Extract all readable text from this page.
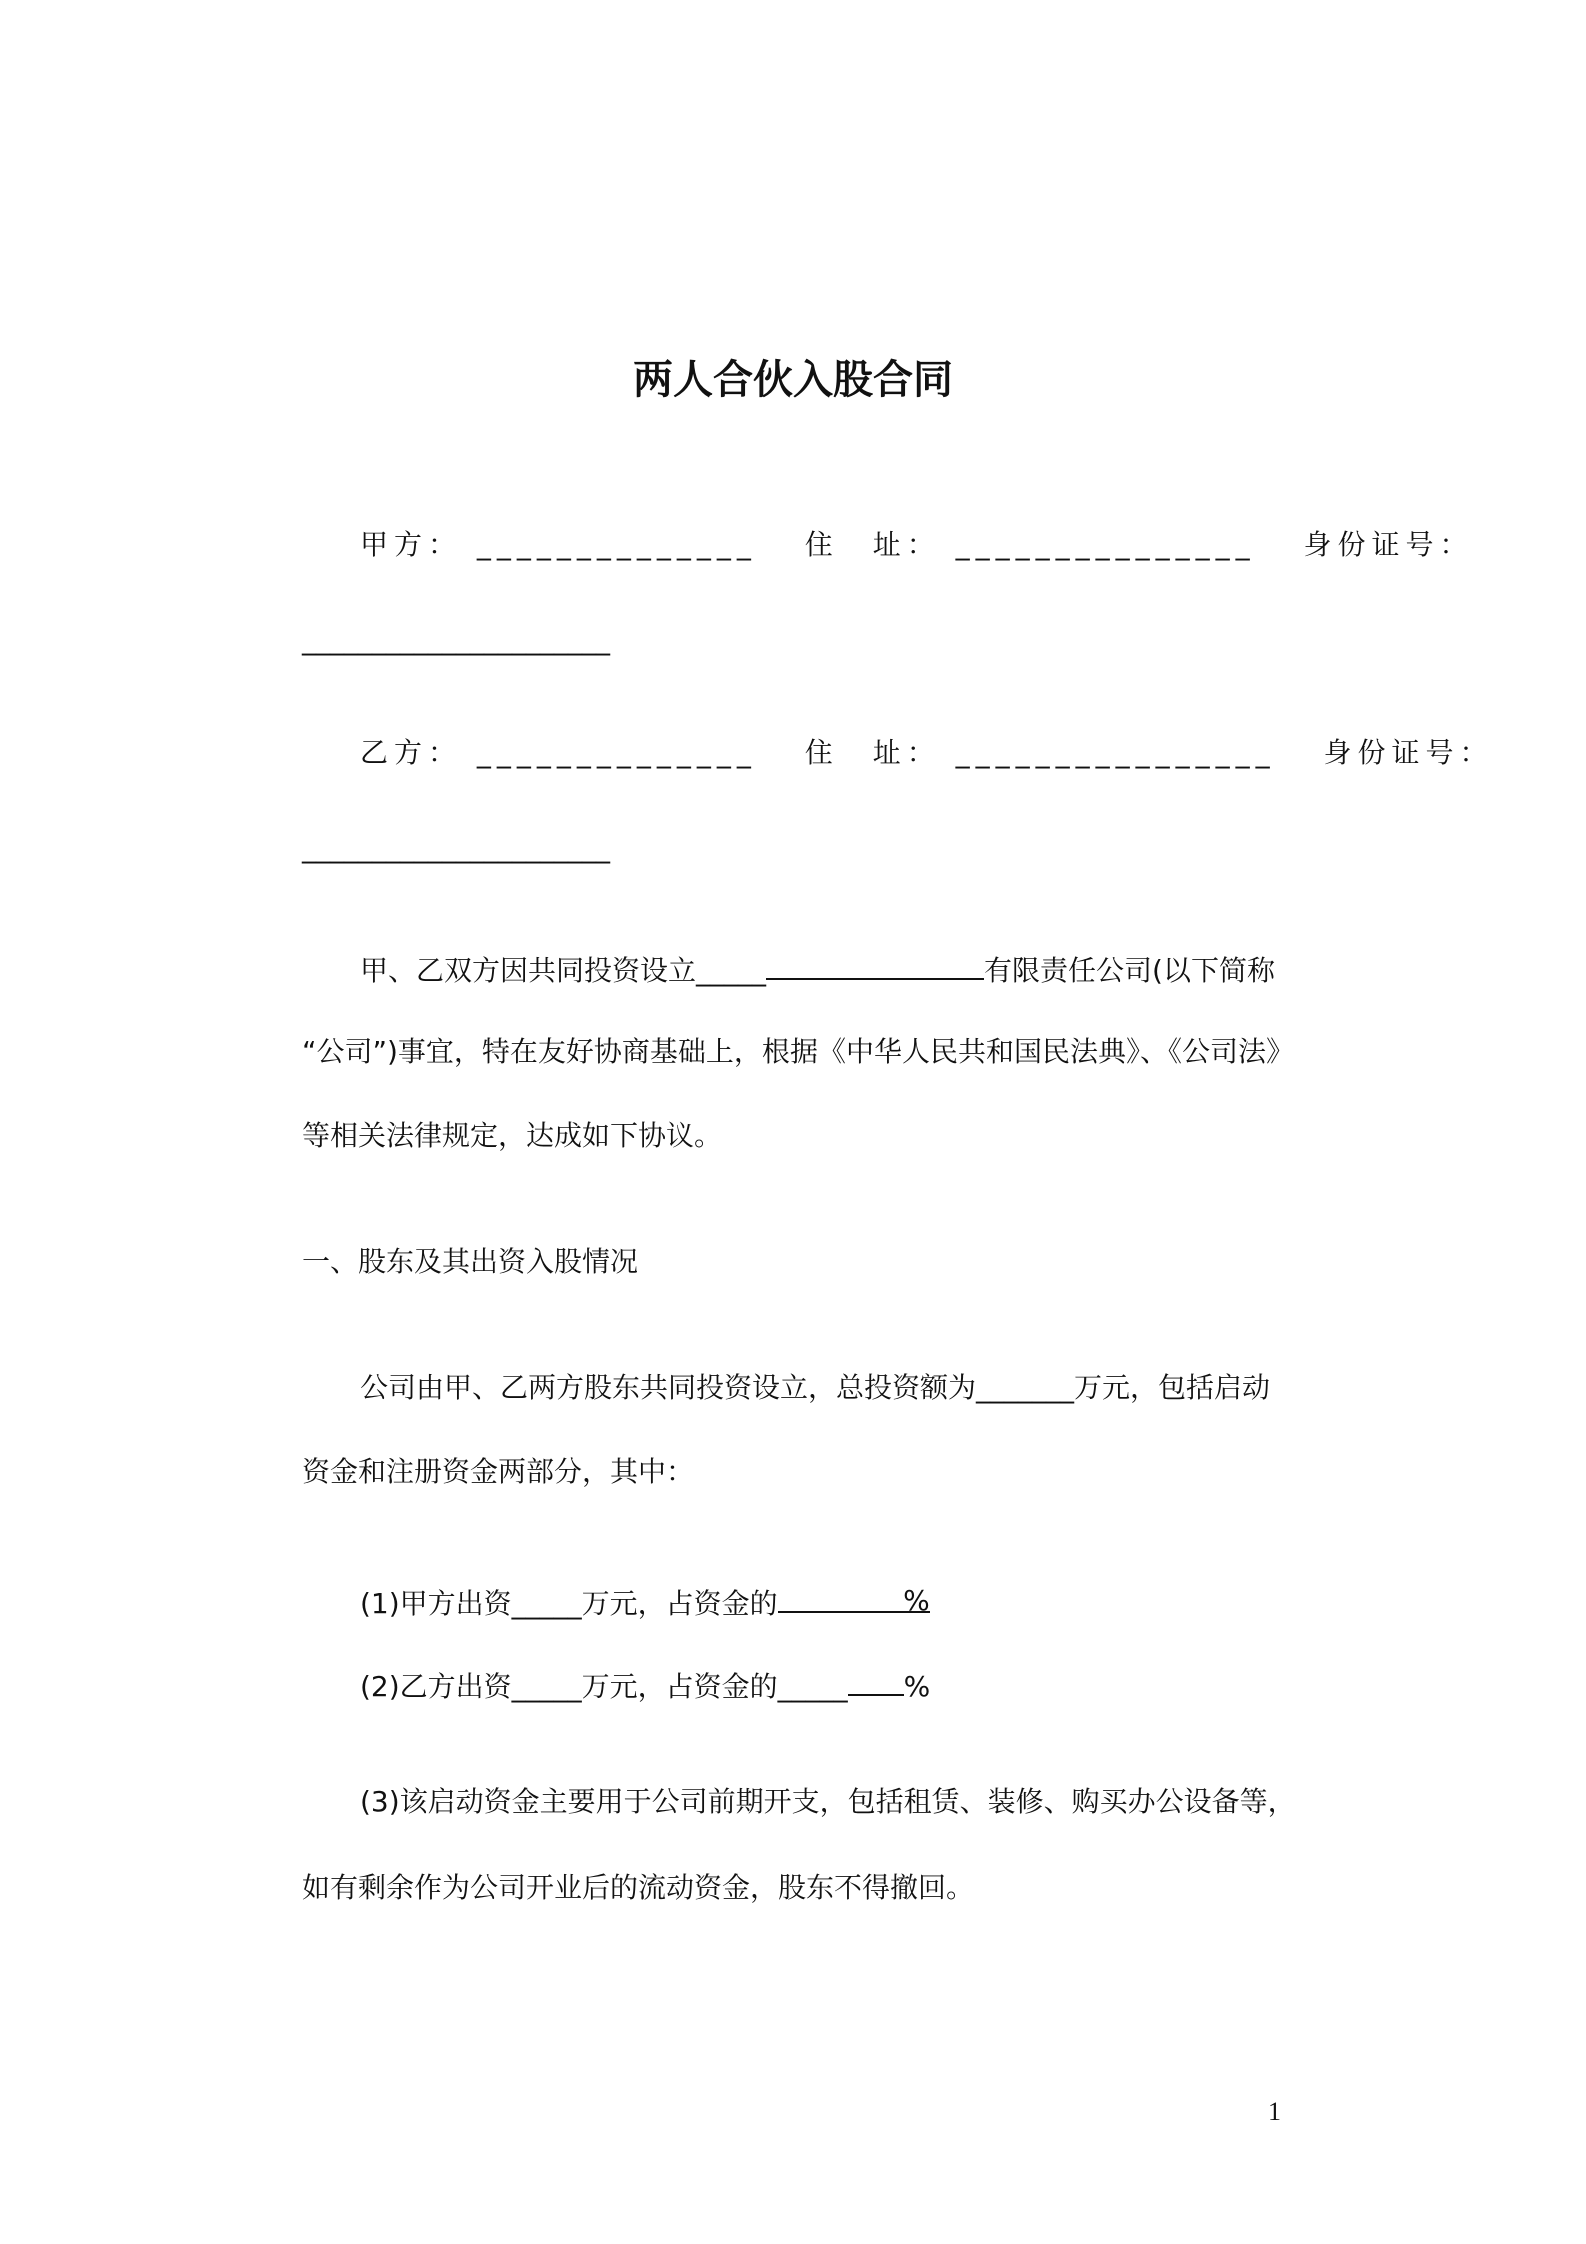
两人合伙入股合同
甲方： ______________ 住　址： _______________ 身份证号：
______________________
乙方： ______________ 住　址： ________________ 身份证号：
______________________
甲、乙双方因共同投资设立_____	有限责任公司(以下简称
“公司”)事宜，特在友好协商基础上，根据《中华人民共和国民法典》、《公司法》
等相关法律规定，达成如下协议。
一、股东及其出资入股情况
公司由甲、乙两方股东共同投资设立，总投资额为_______万元，包括启动
资金和注册资金两部分，其中：
(1)甲方出资_____万元，占资金的	%
(2)乙方出资_____万元，占资金的_____ %
(3)该启动资金主要用于公司前期开支，包括租赁、装修、购买办公设备等，
如有剩余作为公司开业后的流动资金，股东不得撤回。
1
